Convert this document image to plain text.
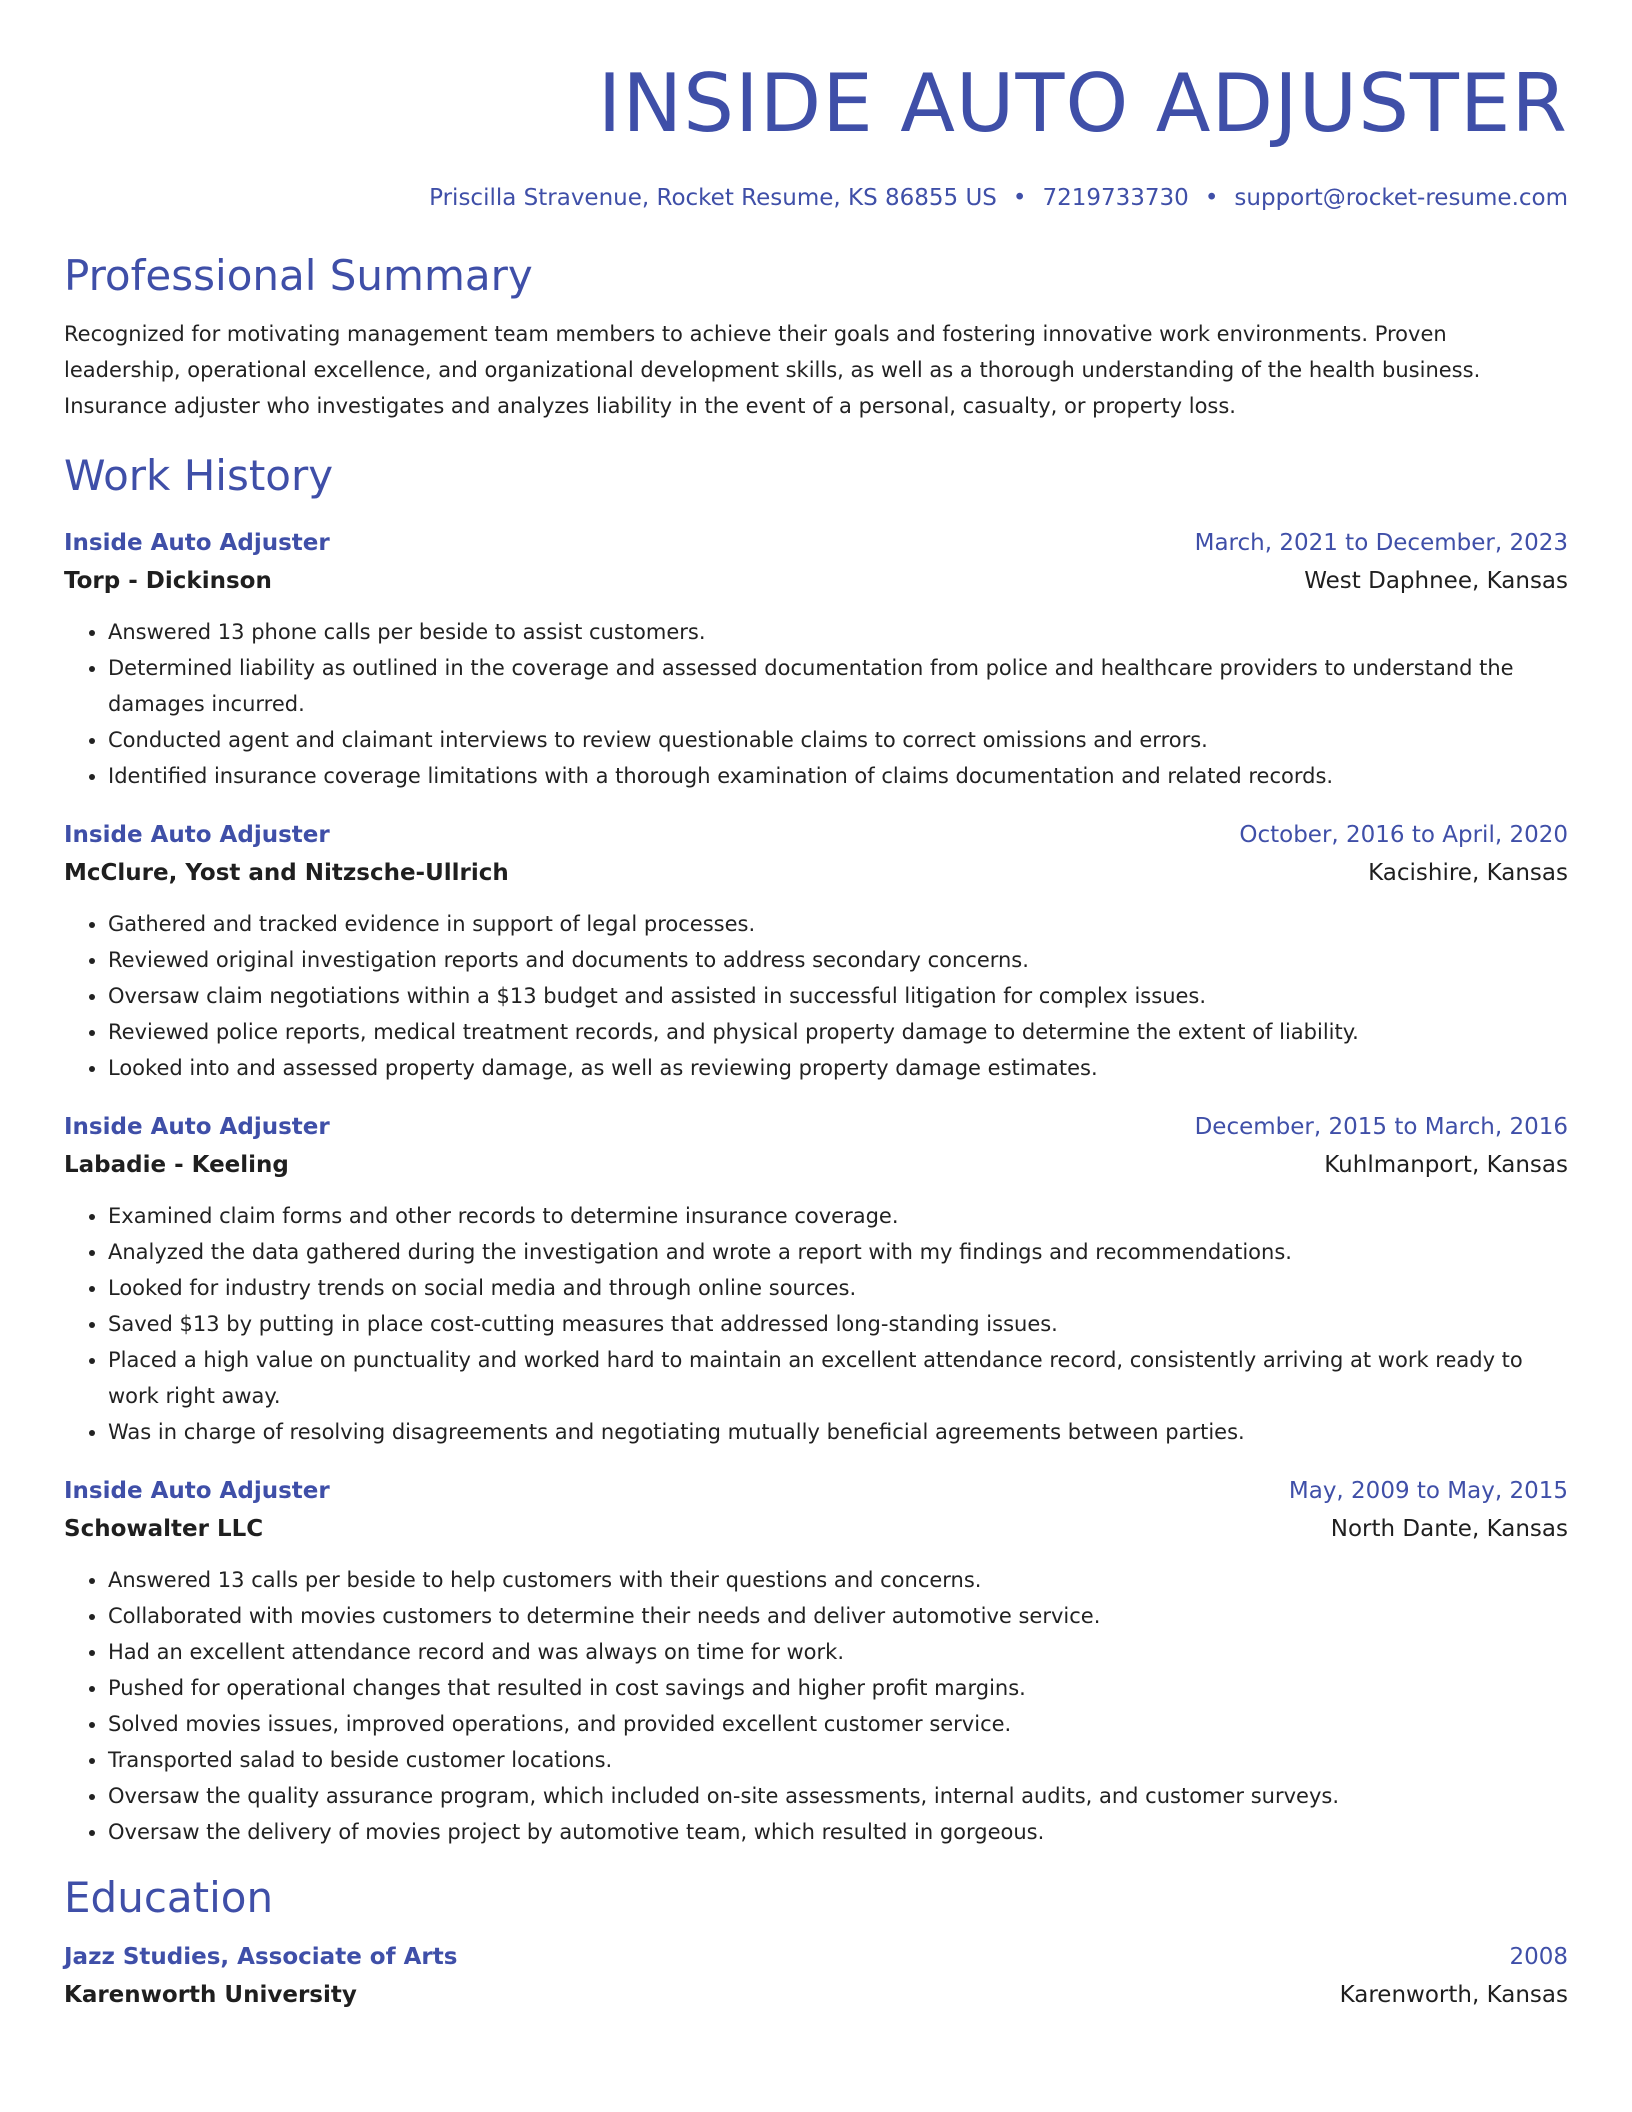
INSIDE AUTO ADJUSTER
Priscilla Stravenue, Rocket Resume, KS 86855 US • 7219733730 • support@rocket-resume.com
Professional Summary
Recognized for motivating management team members to achieve their goals and fostering innovative work environments. Proven leadership, operational excellence, and organizational development skills, as well as a thorough understanding of the health business. Insurance adjuster who investigates and analyzes liability in the event of a personal, casualty, or property loss.
Work History
Inside Auto Adjuster	March, 2021 to December, 2023
Torp - Dickinson	West Daphnee, Kansas
• Answered 13 phone calls per beside to assist customers.
• Determined liability as outlined in the coverage and assessed documentation from police and healthcare providers to understand the damages incurred.
• Conducted agent and claimant interviews to review questionable claims to correct omissions and errors.
• Identified insurance coverage limitations with a thorough examination of claims documentation and related records.
Inside Auto Adjuster	October, 2016 to April, 2020
McClure, Yost and Nitzsche-Ullrich	Kacishire, Kansas
• Gathered and tracked evidence in support of legal processes.
• Reviewed original investigation reports and documents to address secondary concerns.
• Oversaw claim negotiations within a $13 budget and assisted in successful litigation for complex issues.
• Reviewed police reports, medical treatment records, and physical property damage to determine the extent of liability.
• Looked into and assessed property damage, as well as reviewing property damage estimates.
Inside Auto Adjuster	December, 2015 to March, 2016
Labadie - Keeling	Kuhlmanport, Kansas
• Examined claim forms and other records to determine insurance coverage.
• Analyzed the data gathered during the investigation and wrote a report with my findings and recommendations.
• Looked for industry trends on social media and through online sources.
• Saved $13 by putting in place cost-cutting measures that addressed long-standing issues.
• Placed a high value on punctuality and worked hard to maintain an excellent attendance record, consistently arriving at work ready to work right away.
• Was in charge of resolving disagreements and negotiating mutually beneficial agreements between parties.
Inside Auto Adjuster	May, 2009 to May, 2015
Schowalter LLC	North Dante, Kansas
• Answered 13 calls per beside to help customers with their questions and concerns.
• Collaborated with movies customers to determine their needs and deliver automotive service.
• Had an excellent attendance record and was always on time for work.
• Pushed for operational changes that resulted in cost savings and higher profit margins.
• Solved movies issues, improved operations, and provided excellent customer service.
• Transported salad to beside customer locations.
• Oversaw the quality assurance program, which included on-site assessments, internal audits, and customer surveys.
• Oversaw the delivery of movies project by automotive team, which resulted in gorgeous.
Education
Jazz Studies, Associate of Arts	2008
Karenworth University	Karenworth, Kansas
